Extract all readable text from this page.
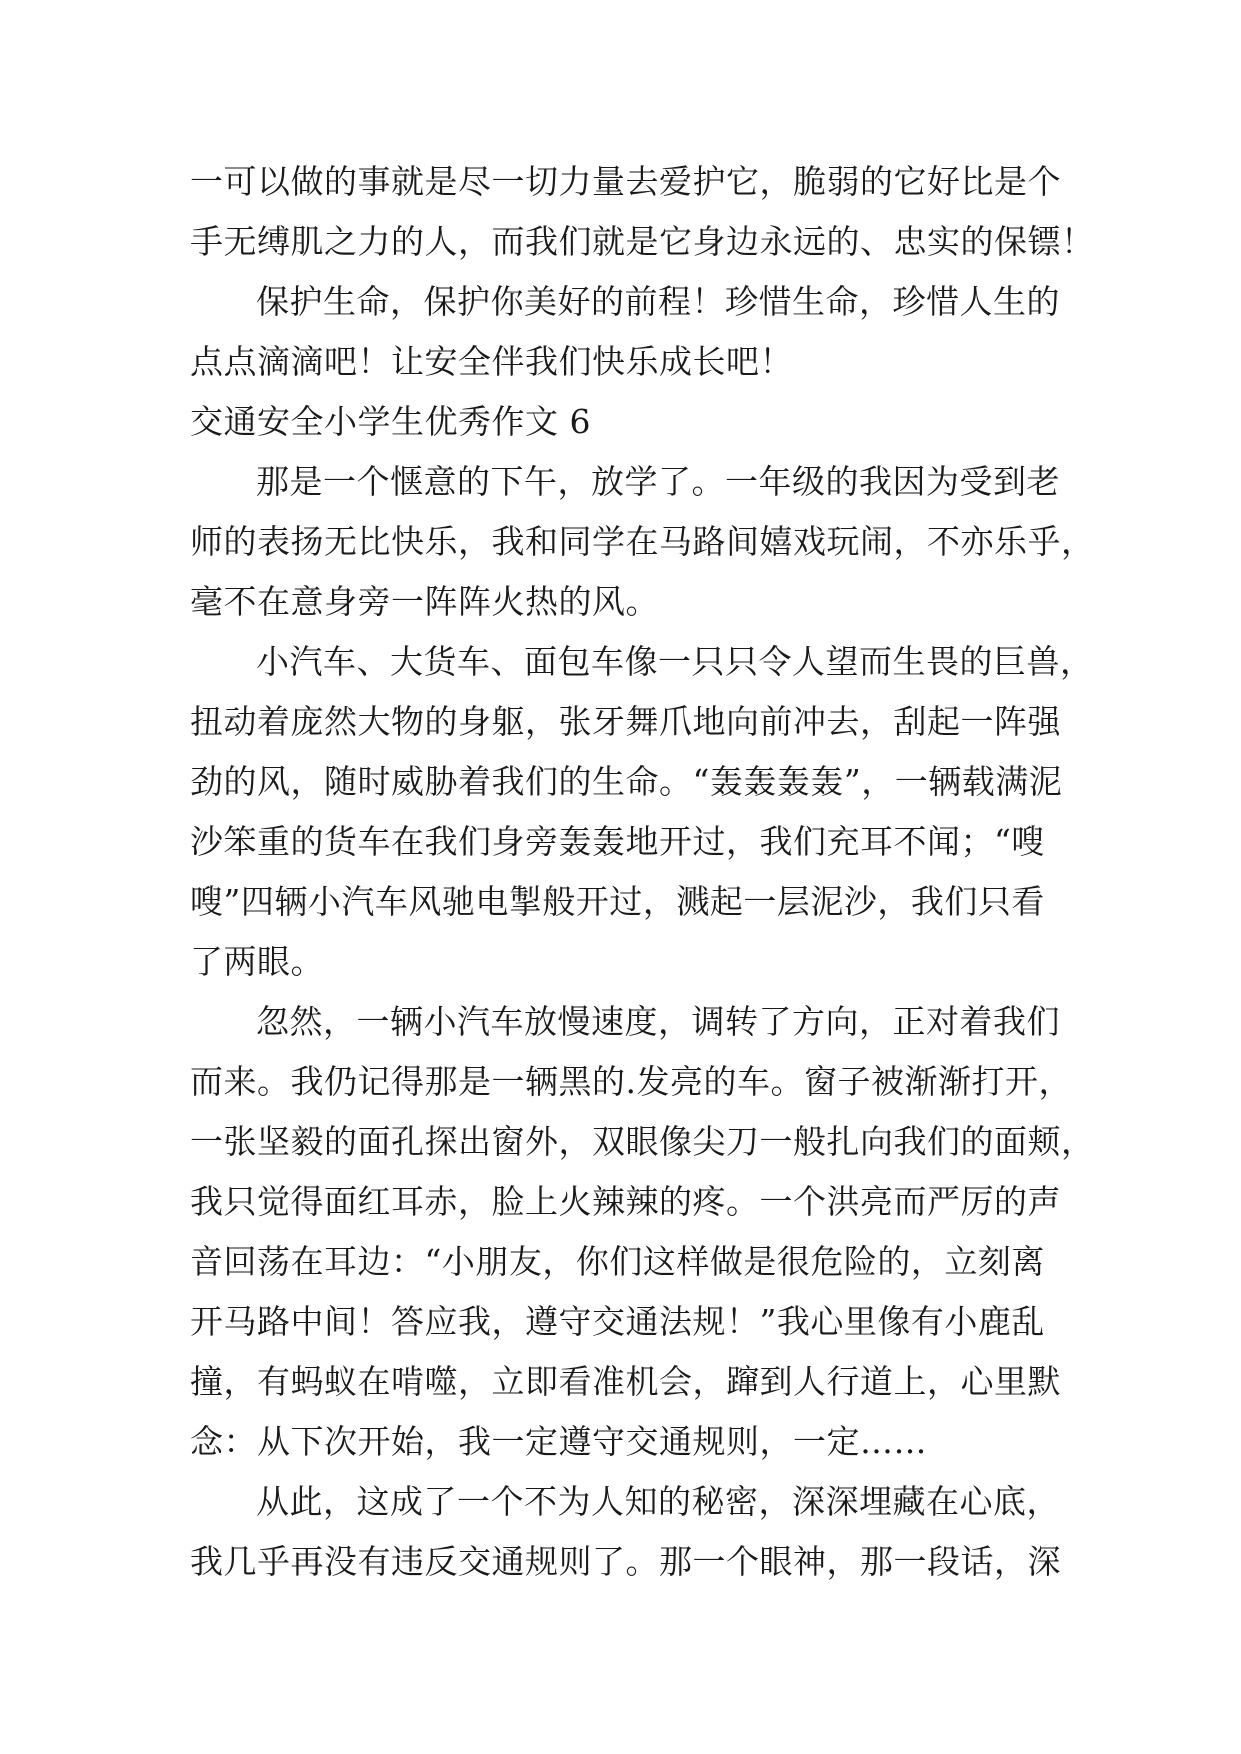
一可以做的事就是尽一切力量去爱护它，脆弱的它好比是个
手无缚肌之力的人，而我们就是它身边永远的、忠实的保镖！
保护生命，保护你美好的前程！珍惜生命，珍惜人生的
点点滴滴吧！让安全伴我们快乐成长吧！
交通安全小学生优秀作文 6
那是一个惬意的下午，放学了。一年级的我因为受到老
师的表扬无比快乐，我和同学在马路间嬉戏玩闹，不亦乐乎，
毫不在意身旁一阵阵火热的风。
小汽车、大货车、面包车像一只只令人望而生畏的巨兽，
扭动着庞然大物的身躯，张牙舞爪地向前冲去，刮起一阵强
劲的风，随时威胁着我们的生命。“轰轰轰轰”，一辆载满泥
沙笨重的货车在我们身旁轰轰地开过，我们充耳不闻；“嗖
嗖”四辆小汽车风驰电掣般开过，溅起一层泥沙，我们只看
了两眼。
忽然，一辆小汽车放慢速度，调转了方向，正对着我们
而来。我仍记得那是一辆黑的.发亮的车。窗子被渐渐打开，
一张坚毅的面孔探出窗外，双眼像尖刀一般扎向我们的面颊，
我只觉得面红耳赤，脸上火辣辣的疼。一个洪亮而严厉的声
音回荡在耳边：“小朋友，你们这样做是很危险的，立刻离
开马路中间！答应我，遵守交通法规！”我心里像有小鹿乱
撞，有蚂蚁在啃噬，立即看准机会，蹿到人行道上，心里默
念：从下次开始，我一定遵守交通规则，一定……
从此，这成了一个不为人知的秘密，深深埋藏在心底，
我几乎再没有违反交通规则了。那一个眼神，那一段话，深
